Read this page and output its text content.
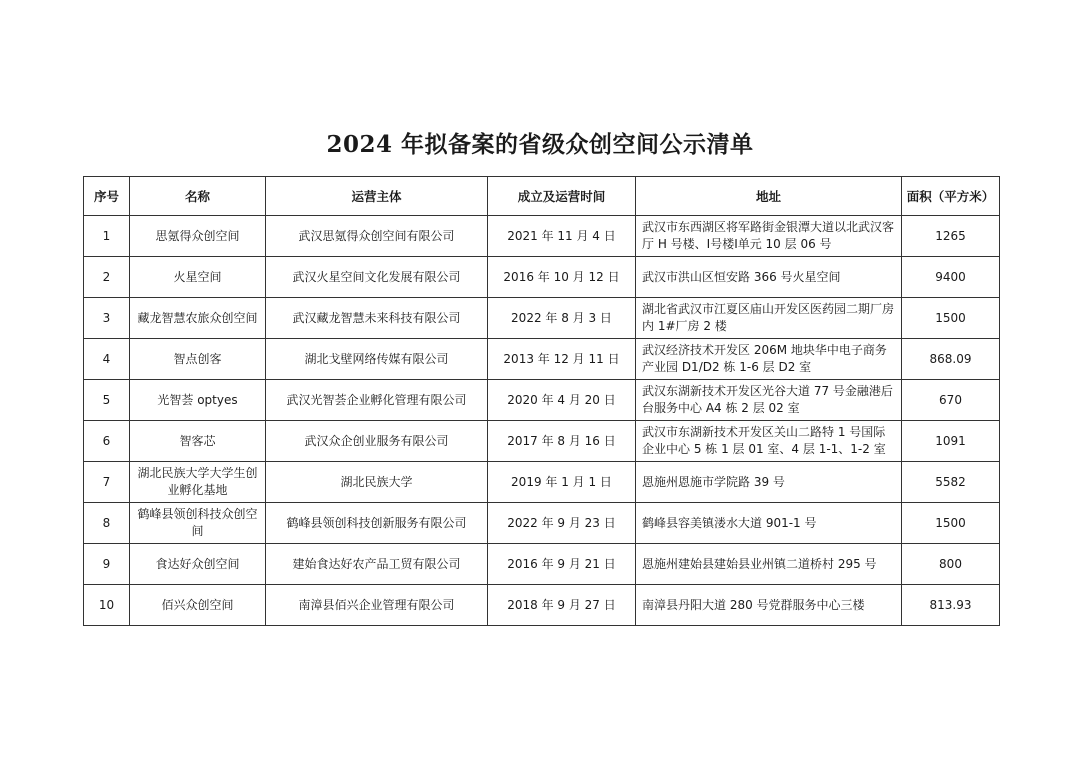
2024 年拟备案的省级众创空间公示清单
序号	名称	运营主体	成立及运营时间	地址	面积（平方米）
1	思氪得众创空间	武汉思氪得众创空间有限公司	2021 年 11 月 4 日	武汉市东西湖区将军路街金银潭大道以北武汉客厅 H 号楼、Ⅰ号楼Ⅰ单元 10 层 06 号	1265
2	火星空间	武汉火星空间文化发展有限公司	2016 年 10 月 12 日	武汉市洪山区恒安路 366 号火星空间	9400
3	藏龙智慧农旅众创空间	武汉藏龙智慧未来科技有限公司	2022 年 8 月 3 日	湖北省武汉市江夏区庙山开发区医药园二期厂房内 1#厂房 2 楼	1500
4	智点创客	湖北戈壁网络传媒有限公司	2013 年 12 月 11 日	武汉经济技术开发区 206M 地块华中电子商务产业园 D1/D2 栋 1-6 层 D2 室	868.09
5	光智荟 optyes	武汉光智荟企业孵化管理有限公司	2020 年 4 月 20 日	武汉东湖新技术开发区光谷大道 77 号金融港后台服务中心 A4 栋 2 层 02 室	670
6	智客芯	武汉众企创业服务有限公司	2017 年 8 月 16 日	武汉市东湖新技术开发区关山二路特 1 号国际企业中心 5 栋 1 层 01 室、4 层 1-1、1-2 室	1091
7	湖北民族大学大学生创业孵化基地	湖北民族大学	2019 年 1 月 1 日	恩施州恩施市学院路 39 号	5582
8	鹤峰县领创科技众创空间	鹤峰县领创科技创新服务有限公司	2022 年 9 月 23 日	鹤峰县容美镇溇水大道 901-1 号	1500
9	食达好众创空间	建始食达好农产品工贸有限公司	2016 年 9 月 21 日	恩施州建始县建始县业州镇二道桥村 295 号	800
10	佰兴众创空间	南漳县佰兴企业管理有限公司	2018 年 9 月 27 日	南漳县丹阳大道 280 号党群服务中心三楼	813.93
